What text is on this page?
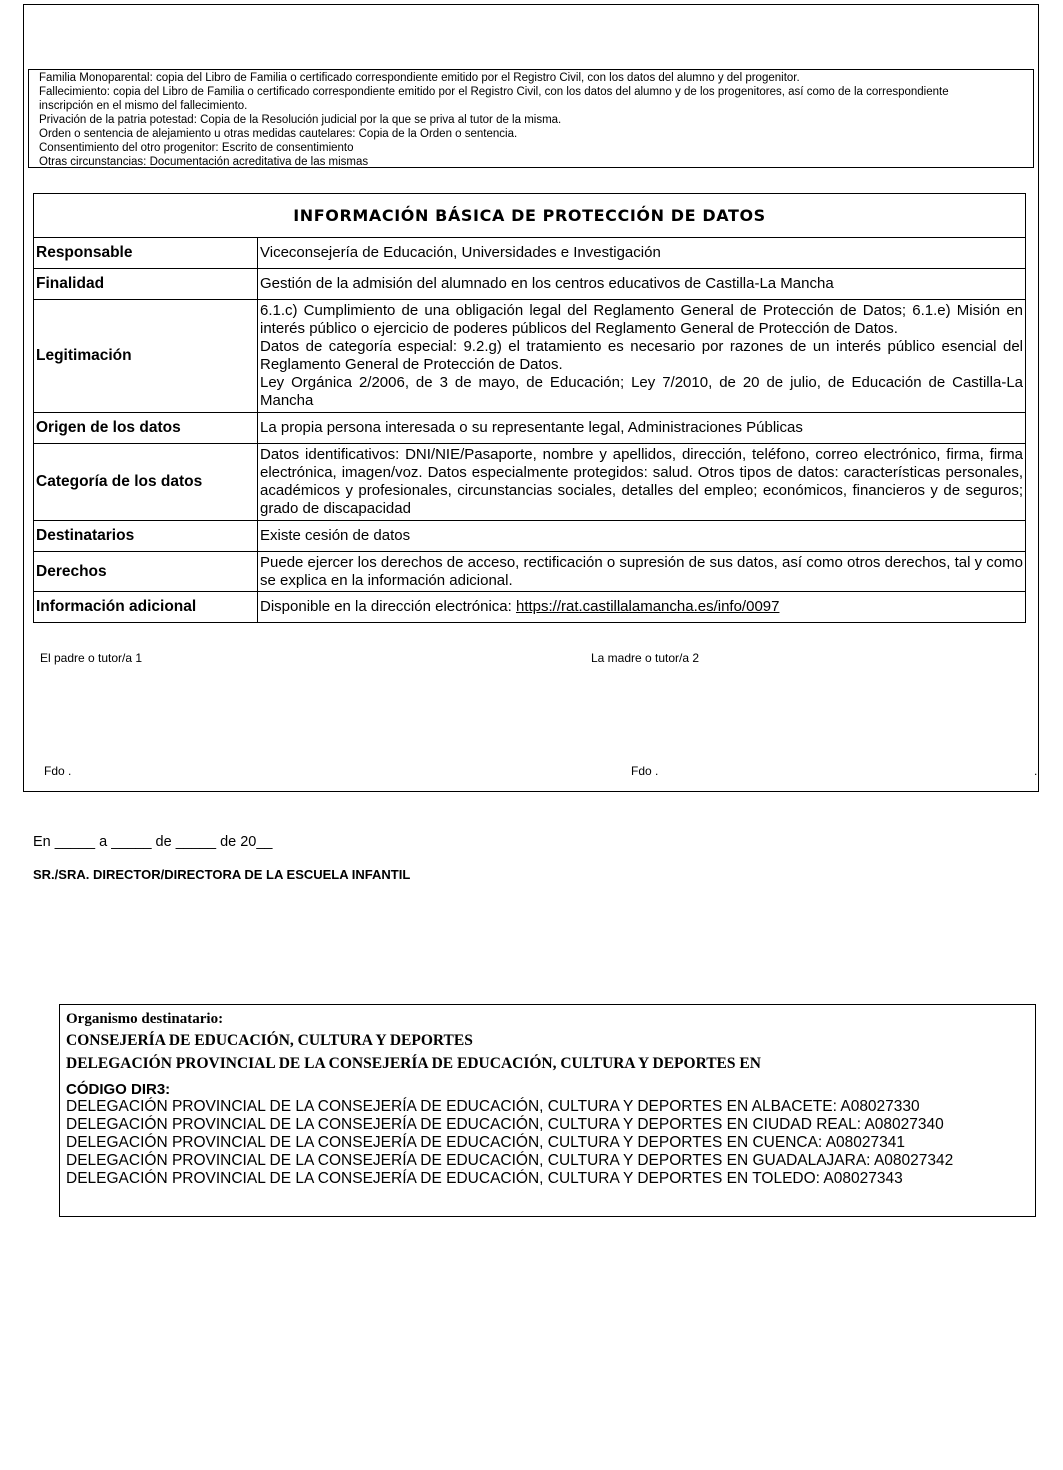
Familia Monoparental: copia del Libro de Familia o certificado correspondiente emitido por el Registro Civil, con los datos del alumno y del progenitor.
Fallecimiento: copia del Libro de Familia o certificado correspondiente emitido por el Registro Civil, con los datos del alumno y de los progenitores, así como de la correspondiente inscripción en el mismo del fallecimiento.
Privación de la patria potestad: Copia de la Resolución judicial por la que se priva al tutor de la misma.
Orden o sentencia de alejamiento u otras medidas cautelares: Copia de la Orden o sentencia.
Consentimiento del otro progenitor: Escrito de consentimiento
Otras circunstancias: Documentación acreditativa de las mismas
INFORMACIÓN BÁSICA DE PROTECCIÓN DE DATOS	
Responsable	Viceconsejería de Educación, Universidades e Investigación
Finalidad	Gestión de la admisión del alumnado en los centros educativos de Castilla-La Mancha
Legitimación	6.1.c) Cumplimiento de una obligación legal del Reglamento General de Protección de Datos; 6.1.e) Misión en interés público o ejercicio de poderes públicos del Reglamento General de Protección de Datos.
Datos de categoría especial: 9.2.g) el tratamiento es necesario por razones de un interés público esencial del Reglamento General de Protección de Datos.
Ley Orgánica 2/2006, de 3 de mayo, de Educación; Ley 7/2010, de 20 de julio, de Educación de Castilla-La Mancha

Origen de los datos	La propia persona interesada o su representante legal, Administraciones Públicas
Categoría de los datos	Datos identificativos: DNI/NIE/Pasaporte, nombre y apellidos, dirección, teléfono, correo electrónico, firma, firma electrónica, imagen/voz. Datos especialmente protegidos: salud. Otros tipos de datos: características personales, académicos y profesionales, circunstancias sociales, detalles del empleo; económicos, financieros y de seguros; grado de discapacidad
Destinatarios	Existe cesión de datos
Derechos	Puede ejercer los derechos de acceso, rectificación o supresión de sus datos, así como otros derechos, tal y como se explica en la información adicional.
Información adicional	Disponible en la dirección electrónica: https://rat.castillalamancha.es/info/0097
El padre o tutor/a 1	La madre o tutor/a 2
Fdo .	Fdo .	.
En _____ a _____ de _____ de 20__
SR./SRA. DIRECTOR/DIRECTORA DE LA ESCUELA INFANTIL
Organismo destinatario:
CONSEJERÍA DE EDUCACIÓN, CULTURA Y DEPORTES
DELEGACIÓN PROVINCIAL DE LA CONSEJERÍA DE EDUCACIÓN, CULTURA Y DEPORTES EN
CÓDIGO DIR3:
DELEGACIÓN PROVINCIAL DE LA CONSEJERÍA DE EDUCACIÓN, CULTURA Y DEPORTES EN ALBACETE: A08027330
DELEGACIÓN PROVINCIAL DE LA CONSEJERÍA DE EDUCACIÓN, CULTURA Y DEPORTES EN CIUDAD REAL: A08027340
DELEGACIÓN PROVINCIAL DE LA CONSEJERÍA DE EDUCACIÓN, CULTURA Y DEPORTES EN CUENCA: A08027341
DELEGACIÓN PROVINCIAL DE LA CONSEJERÍA DE EDUCACIÓN, CULTURA Y DEPORTES EN GUADALAJARA: A08027342
DELEGACIÓN PROVINCIAL DE LA CONSEJERÍA DE EDUCACIÓN, CULTURA Y DEPORTES EN TOLEDO: A08027343
